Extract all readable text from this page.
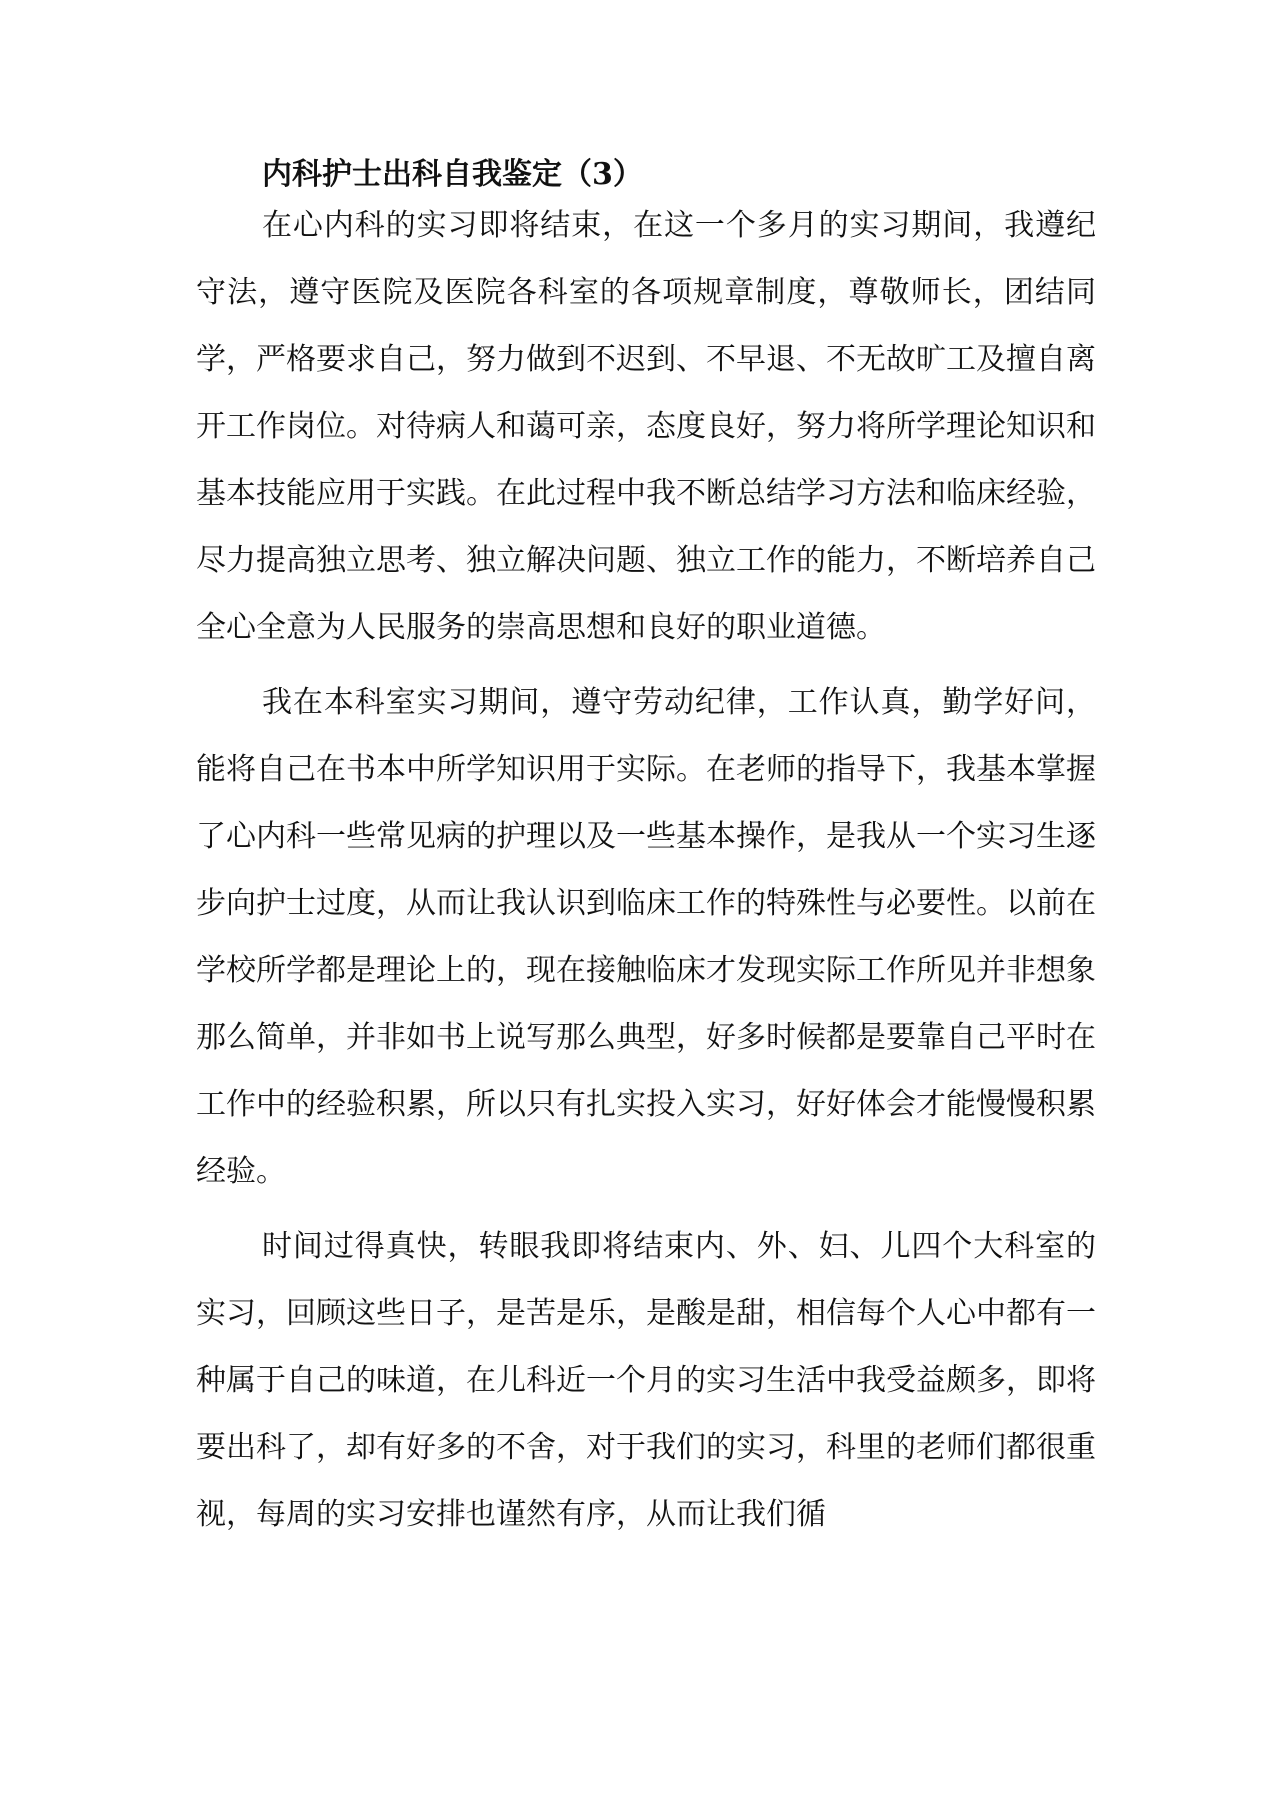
内科护士出科自我鉴定（3）

在心内科的实习即将结束，在这一个多月的实习期间，我遵纪守法，遵守医院及医院各科室的各项规章制度，尊敬师长，团结同学，严格要求自己，努力做到不迟到、不早退、不无故旷工及擅自离开工作岗位。对待病人和蔼可亲，态度良好，努力将所学理论知识和基本技能应用于实践。在此过程中我不断总结学习方法和临床经验，尽力提高独立思考、独立解决问题、独立工作的能力，不断培养自己全心全意为人民服务的崇高思想和良好的职业道德。

我在本科室实习期间，遵守劳动纪律，工作认真，勤学好问，能将自己在书本中所学知识用于实际。在老师的指导下，我基本掌握了心内科一些常见病的护理以及一些基本操作，是我从一个实习生逐步向护士过度，从而让我认识到临床工作的特殊性与必要性。以前在学校所学都是理论上的，现在接触临床才发现实际工作所见并非想象那么简单，并非如书上说写那么典型，好多时候都是要靠自己平时在工作中的经验积累，所以只有扎实投入实习，好好体会才能慢慢积累经验。

时间过得真快，转眼我即将结束内、外、妇、儿四个大科室的实习，回顾这些日子，是苦是乐，是酸是甜，相信每个人心中都有一种属于自己的味道，在儿科近一个月的实习生活中我受益颇多，即将要出科了，却有好多的不舍，对于我们的实习，科里的老师们都很重视，每周的实习安排也谨然有序，从而让我们循
